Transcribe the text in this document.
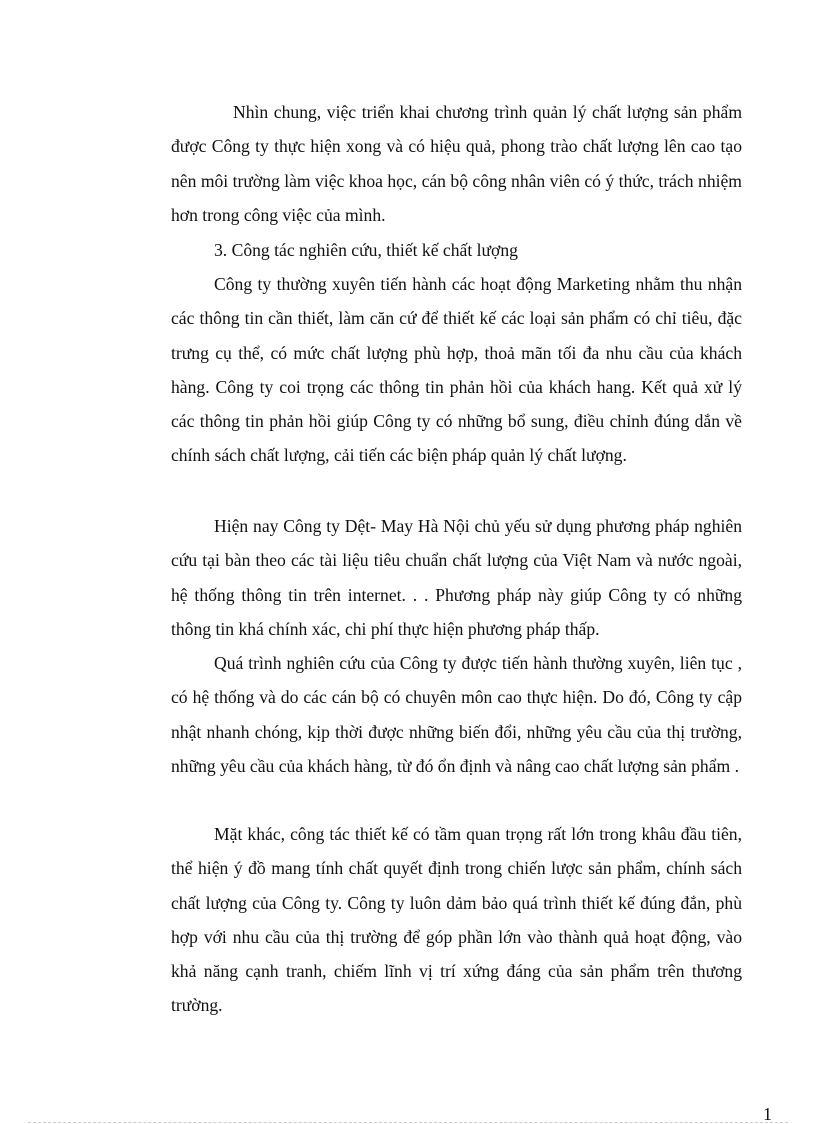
Nhìn chung, việc triển khai chương trình quản lý chất lượng sản phẩm được Công ty thực hiện xong và có hiệu quả, phong trào chất lượng lên cao tạo nên môi trường làm việc khoa học, cán bộ công nhân viên có ý thức, trách nhiệm hơn trong công việc của mình.

3. Công tác nghiên cứu, thiết kế chất lượng

Công ty thường xuyên tiến hành các hoạt động Marketing nhằm thu nhận các thông tin cần thiết, làm căn cứ để thiết kế các loại sản phẩm có chỉ tiêu, đặc trưng cụ thể, có mức chất lượng phù hợp, thoả mãn tối đa nhu cầu của khách hàng. Công ty coi trọng các thông tin phản hồi của khách hang. Kết quả xử lý các thông tin phản hồi giúp Công ty có những bổ sung, điều chỉnh đúng dắn về chính sách chất lượng, cải tiến các biện pháp quản lý chất lượng.

Hiện nay Công ty Dệt- May Hà Nội chủ yếu sử dụng phương pháp nghiên cứu tại bàn theo các tài liệu tiêu chuẩn chất lượng của Việt Nam và nước ngoài, hệ thống thông tin trên internet. . . Phương pháp này giúp Công ty có những thông tin khá chính xác, chi phí thực hiện phương pháp thấp.

Quá trình nghiên cứu của Công ty được tiến hành thường xuyên, liên tục , có hệ thống và do các cán bộ có chuyên môn cao thực hiện. Do đó, Công ty cập nhật nhanh chóng, kịp thời được những biến đổi, những yêu cầu của thị trường, những yêu cầu của khách hàng, từ đó ổn định và nâng cao chất lượng sản phẩm .

Mặt khác, công tác thiết kế có tầm quan trọng rất lớn trong khâu đầu tiên, thể hiện ý đồ mang tính chất quyết định trong chiến lược sản phẩm, chính sách chất lượng của Công ty. Công ty luôn dảm bảo quá trình thiết kế đúng đắn, phù hợp với nhu cầu của thị trường để góp phần lớn vào thành quả hoạt động, vào khả năng cạnh tranh, chiếm lĩnh vị trí xứng đáng của sản phẩm trên thương trường.

1
